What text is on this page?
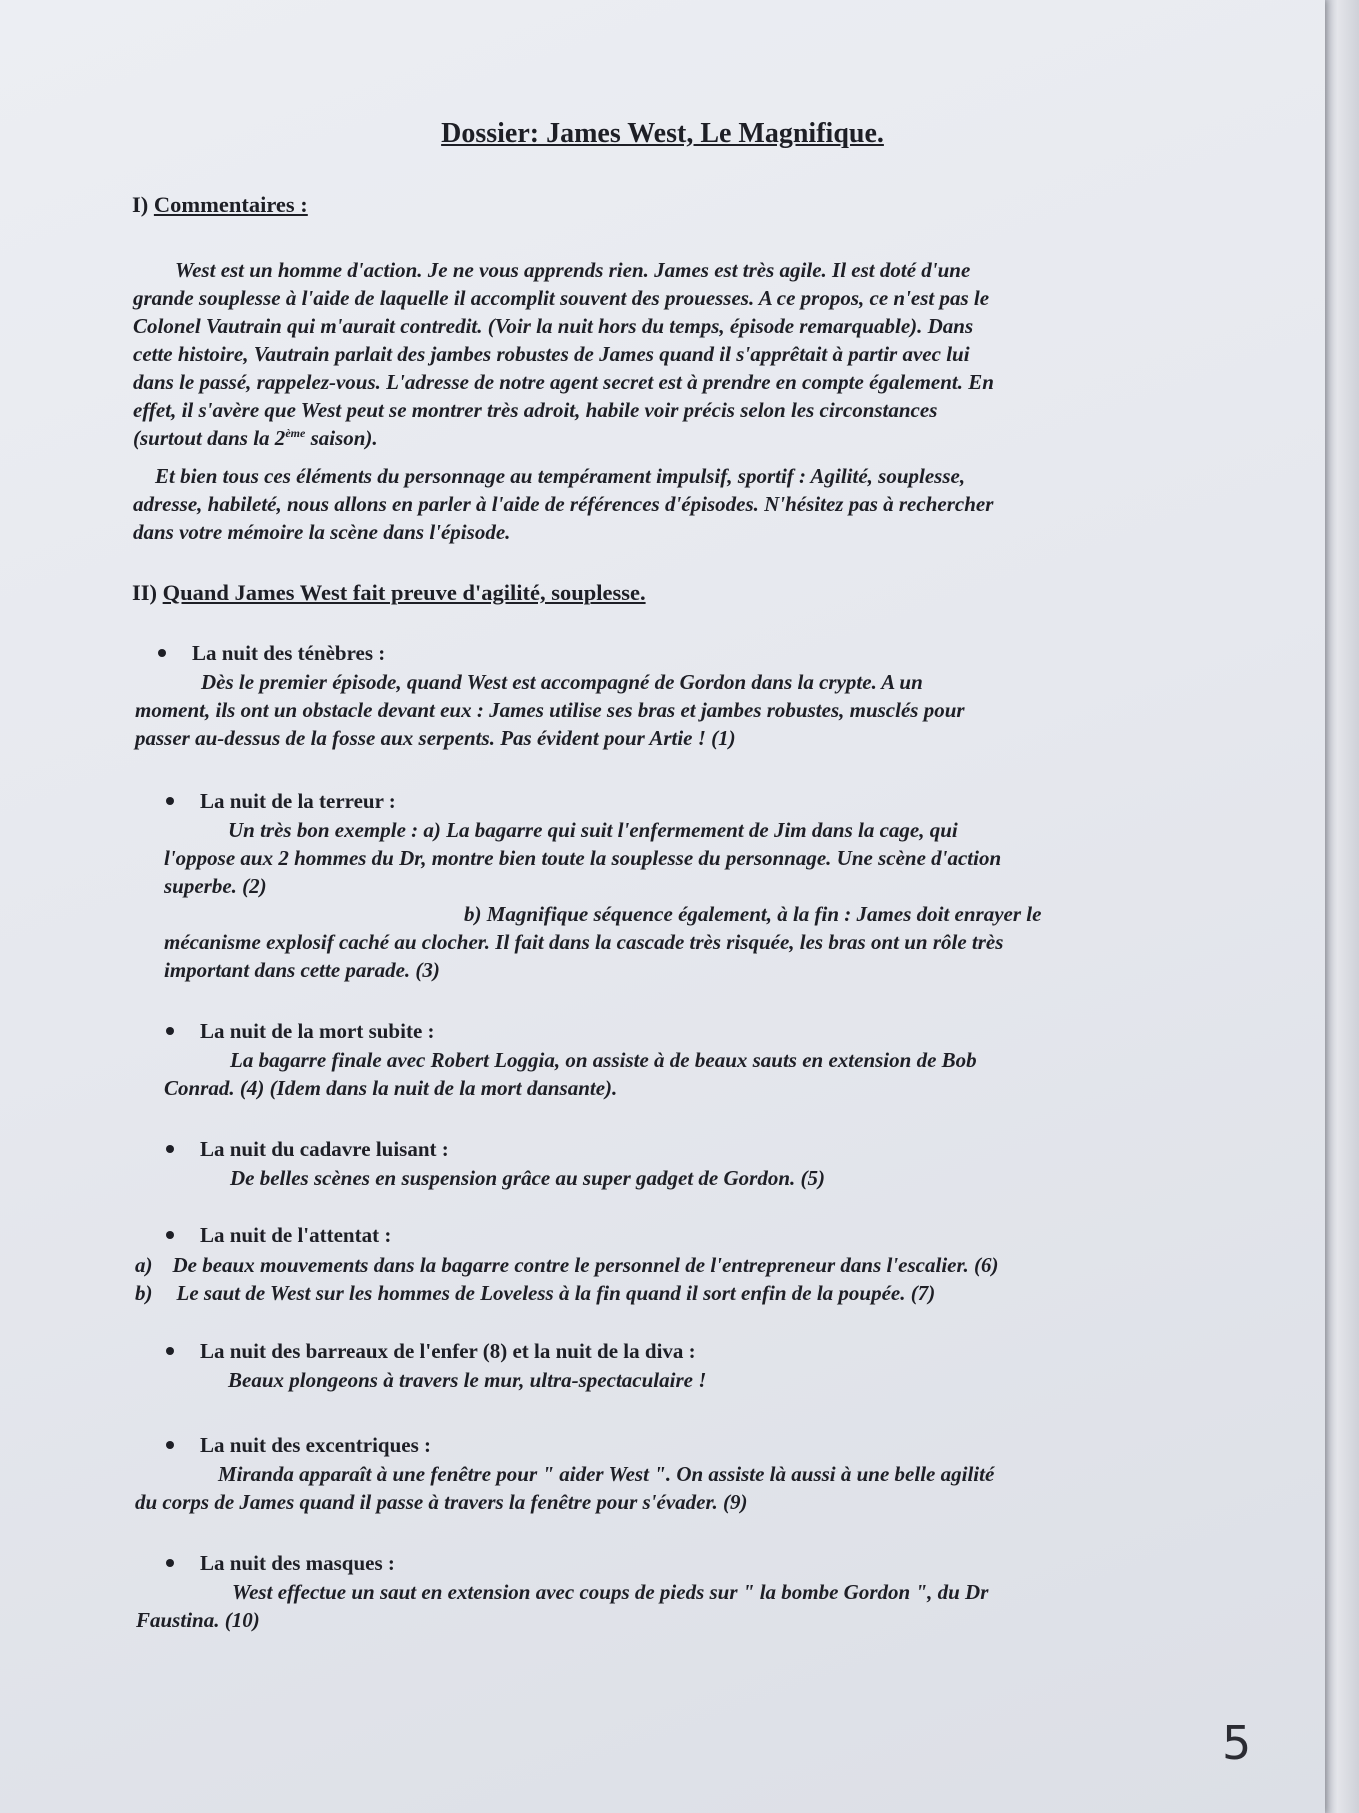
Dossier: James West, Le Magnifique.
I) Commentaires :
West est un homme d'action. Je ne vous apprends rien. James est très agile. Il est doté d'une
grande souplesse à l'aide de laquelle il accomplit souvent des prouesses. A ce propos, ce n'est pas le
Colonel Vautrain qui m'aurait contredit. (Voir la nuit hors du temps, épisode remarquable). Dans
cette histoire, Vautrain parlait des jambes robustes de James quand il s'apprêtait à partir avec lui
dans le passé, rappelez-vous. L'adresse de notre agent secret est à prendre en compte également. En
effet, il s'avère que West peut se montrer très adroit, habile voir précis selon les circonstances
(surtout dans la 2ème saison).
Et bien tous ces éléments du personnage au tempérament impulsif, sportif : Agilité, souplesse,
adresse, habileté, nous allons en parler à l'aide de références d'épisodes. N'hésitez pas à rechercher
dans votre mémoire la scène dans l'épisode.
II) Quand James West fait preuve d'agilité, souplesse.
La nuit des ténèbres :
Dès le premier épisode, quand West est accompagné de Gordon dans la crypte. A un
moment, ils ont un obstacle devant eux : James utilise ses bras et jambes robustes, musclés pour
passer au-dessus de la fosse aux serpents. Pas évident pour Artie ! (1)
La nuit de la terreur :
Un très bon exemple : a) La bagarre qui suit l'enfermement de Jim dans la cage, qui
l'oppose aux 2 hommes du Dr, montre bien toute la souplesse du personnage. Une scène d'action
superbe. (2)
b) Magnifique séquence également, à la fin : James doit enrayer le
mécanisme explosif caché au clocher. Il fait dans la cascade très risquée, les bras ont un rôle très
important dans cette parade. (3)
La nuit de la mort subite :
La bagarre finale avec Robert Loggia, on assiste à de beaux sauts en extension de Bob
Conrad. (4) (Idem dans la nuit de la mort dansante).
La nuit du cadavre luisant :
De belles scènes en suspension grâce au super gadget de Gordon. (5)
La nuit de l'attentat :
a) De beaux mouvements dans la bagarre contre le personnel de l'entrepreneur dans l'escalier. (6)
b) Le saut de West sur les hommes de Loveless à la fin quand il sort enfin de la poupée. (7)
La nuit des barreaux de l'enfer (8) et la nuit de la diva :
Beaux plongeons à travers le mur, ultra-spectaculaire !
La nuit des excentriques :
Miranda apparaît à une fenêtre pour " aider West ". On assiste là aussi à une belle agilité
du corps de James quand il passe à travers la fenêtre pour s'évader. (9)
La nuit des masques :
West effectue un saut en extension avec coups de pieds sur " la bombe Gordon ", du Dr
Faustina. (10)
5
